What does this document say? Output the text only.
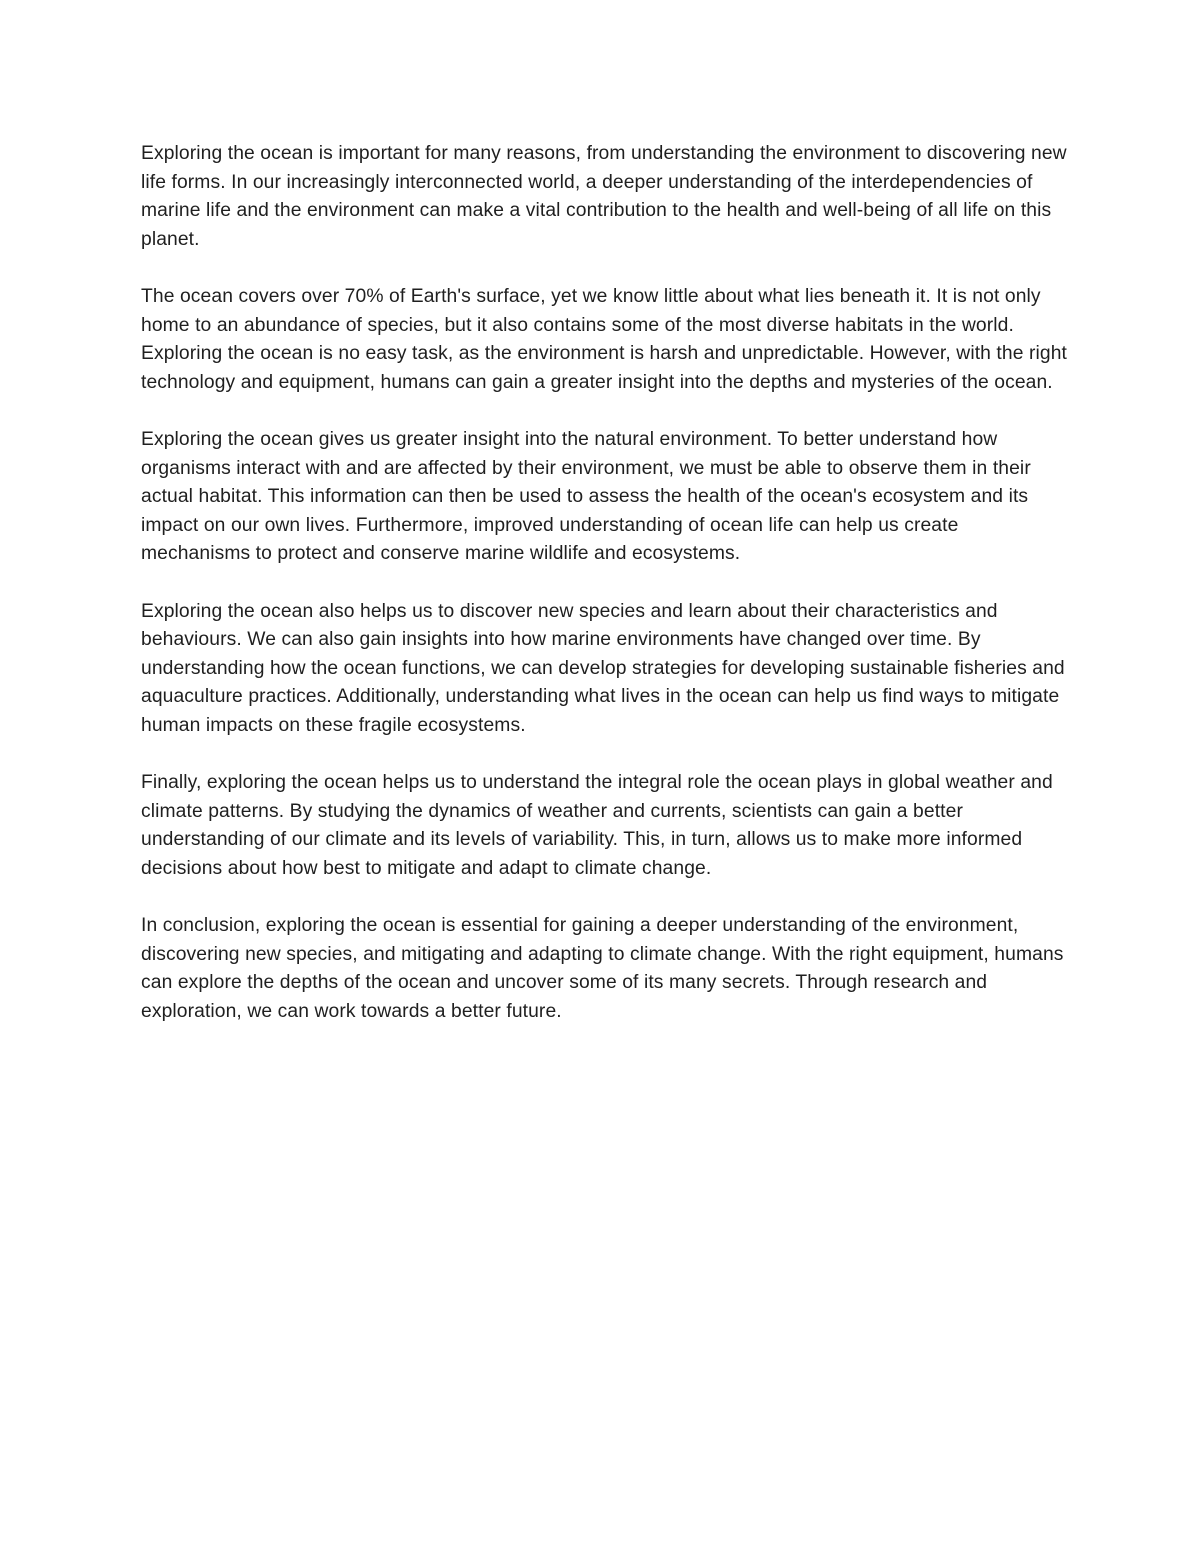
Exploring the ocean is important for many reasons, from understanding the environment to discovering new life forms. In our increasingly interconnected world, a deeper understanding of the interdependencies of marine life and the environment can make a vital contribution to the health and well-being of all life on this planet.

The ocean covers over 70% of Earth's surface, yet we know little about what lies beneath it. It is not only home to an abundance of species, but it also contains some of the most diverse habitats in the world. Exploring the ocean is no easy task, as the environment is harsh and unpredictable. However, with the right technology and equipment, humans can gain a greater insight into the depths and mysteries of the ocean.

Exploring the ocean gives us greater insight into the natural environment. To better understand how organisms interact with and are affected by their environment, we must be able to observe them in their actual habitat. This information can then be used to assess the health of the ocean's ecosystem and its impact on our own lives. Furthermore, improved understanding of ocean life can help us create mechanisms to protect and conserve marine wildlife and ecosystems.

Exploring the ocean also helps us to discover new species and learn about their characteristics and behaviours. We can also gain insights into how marine environments have changed over time. By understanding how the ocean functions, we can develop strategies for developing sustainable fisheries and aquaculture practices. Additionally, understanding what lives in the ocean can help us find ways to mitigate human impacts on these fragile ecosystems.

Finally, exploring the ocean helps us to understand the integral role the ocean plays in global weather and climate patterns. By studying the dynamics of weather and currents, scientists can gain a better understanding of our climate and its levels of variability. This, in turn, allows us to make more informed decisions about how best to mitigate and adapt to climate change.

In conclusion, exploring the ocean is essential for gaining a deeper understanding of the environment, discovering new species, and mitigating and adapting to climate change. With the right equipment, humans can explore the depths of the ocean and uncover some of its many secrets. Through research and exploration, we can work towards a better future.
